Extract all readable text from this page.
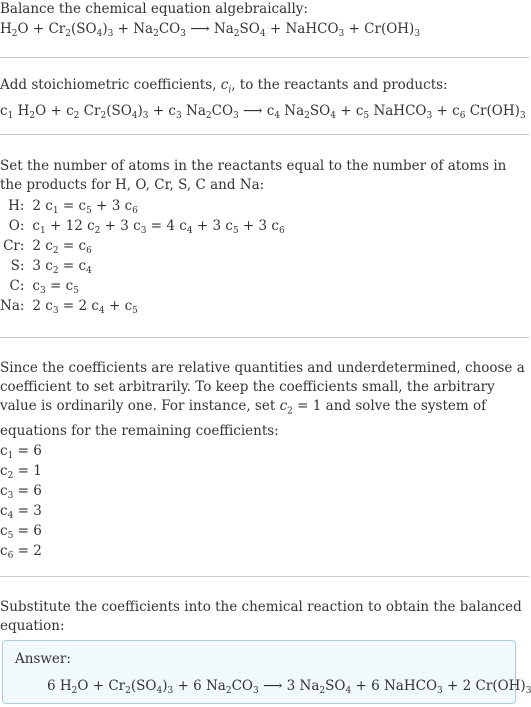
Balance the chemical equation algebraically:

$H_2O + Cr_2(SO_4)_3 + Na_2CO_3$ ⟶ $Na_2SO_4$ + NaHCO$_3$ + $Cr(OH)_3$

Add stoichiometric coefficients, $c_i$, to the reactants and products:

$c_1$ $H_2O + c_2$ $Cr_2(SO_4)_3 + c_3$ $Na_2CO_3$ ⟶ $c_4$ $Na_2SO_4 + c_5$ NaHCO$_3$ + $c_6$ $Cr(OH)_3$

Set the number of atoms in the reactants equal to the number of atoms in the products for H, O, Cr, S, C and Na:

H:	2 $c_1 = c_5 + 3$ $c_6$
O:	$c_1 + 12$ $c_2 + 3$ $c_3 = 4$ $c_4 + 3$ $c_5 + 3$ $c_6$
Cr:	2 $c_2 = c_6$
S:	3 $c_2 = c_4$
C:	$c_3 = c_5$
Na:	2 $c_3 = 2$ $c_4 + c_5$

Since the coefficients are relative quantities and underdetermined, choose a coefficient to set arbitrarily. To keep the coefficients small, the arbitrary value is ordinarily one. For instance, set $c_2 = 1$ and solve the system of equations for the remaining coefficients:

$c_1 = 6$
$c_2 = 1$
$c_3 = 6$
$c_4 = 3$
$c_5 = 6$
$c_6 = 2$

Substitute the coefficients into the chemical reaction to obtain the balanced equation:

Answer:
6 $H_2O + Cr_2(SO_4)_3 + 6$ $Na_2CO_3$ ⟶ 3 $Na_2SO_4 + 6$ NaHCO$_3$ + 2 $Cr(OH)_3$
